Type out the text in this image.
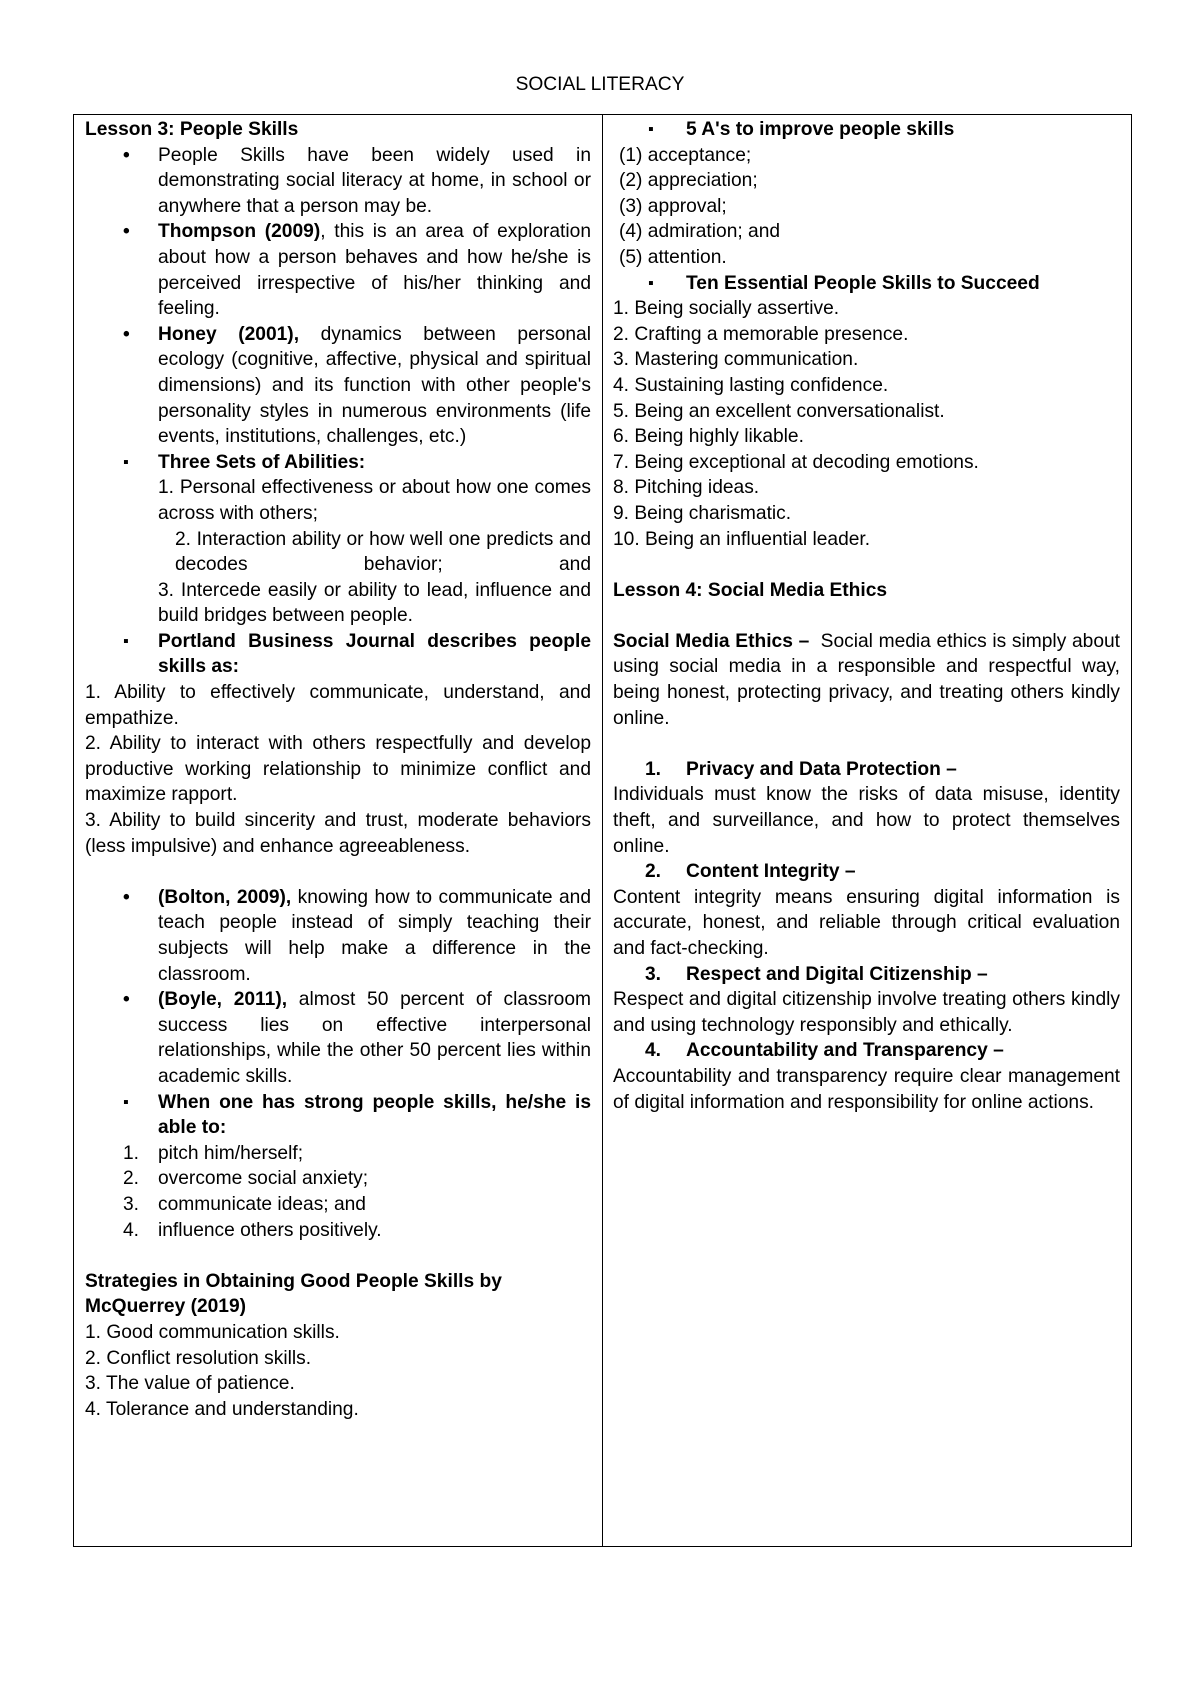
SOCIAL LITERACY
Lesson 3: People Skills
• People Skills have been widely used in demonstrating social literacy at home, in school or anywhere that a person may be.
• Thompson (2009), this is an area of exploration about how a person behaves and how he/she is perceived irrespective of his/her thinking and feeling.
• Honey (2001), dynamics between personal ecology (cognitive, affective, physical and spiritual dimensions) and its function with other people's personality styles in numerous environments (life events, institutions, challenges, etc.)
▪ Three Sets of Abilities:
1. Personal effectiveness or about how one comes across with others;
2. Interaction ability or how well one predicts and decodes behavior; and
3. Intercede easily or ability to lead, influence and build bridges between people.
▪ Portland Business Journal describes people skills as:
1. Ability to effectively communicate, understand, and empathize.
2. Ability to interact with others respectfully and develop productive working relationship to minimize conflict and maximize rapport.
3. Ability to build sincerity and trust, moderate behaviors (less impulsive) and enhance agreeableness.
• (Bolton, 2009), knowing how to communicate and teach people instead of simply teaching their subjects will help make a difference in the classroom.
• (Boyle, 2011), almost 50 percent of classroom success lies on effective interpersonal relationships, while the other 50 percent lies within academic skills.
▪ When one has strong people skills, he/she is able to:
1. pitch him/herself;
2. overcome social anxiety;
3. communicate ideas; and
4. influence others positively.
Strategies in Obtaining Good People Skills by McQuerrey (2019)
1. Good communication skills.
2. Conflict resolution skills.
3. The value of patience.
4. Tolerance and understanding.
▪ 5 A's to improve people skills
(1) acceptance;
(2) appreciation;
(3) approval;
(4) admiration; and
(5) attention.
▪ Ten Essential People Skills to Succeed
1. Being socially assertive.
2. Crafting a memorable presence.
3. Mastering communication.
4. Sustaining lasting confidence.
5. Being an excellent conversationalist.
6. Being highly likable.
7. Being exceptional at decoding emotions.
8. Pitching ideas.
9. Being charismatic.
10. Being an influential leader.
Lesson 4: Social Media Ethics
Social Media Ethics –  Social media ethics is simply about using social media in a responsible and respectful way, being honest, protecting privacy, and treating others kindly online.
1. Privacy and Data Protection –
Individuals must know the risks of data misuse, identity theft, and surveillance, and how to protect themselves online.
2. Content Integrity –
Content integrity means ensuring digital information is accurate, honest, and reliable through critical evaluation and fact-checking.
3. Respect and Digital Citizenship –
Respect and digital citizenship involve treating others kindly and using technology responsibly and ethically.
4. Accountability and Transparency –
Accountability and transparency require clear management of digital information and responsibility for online actions.
